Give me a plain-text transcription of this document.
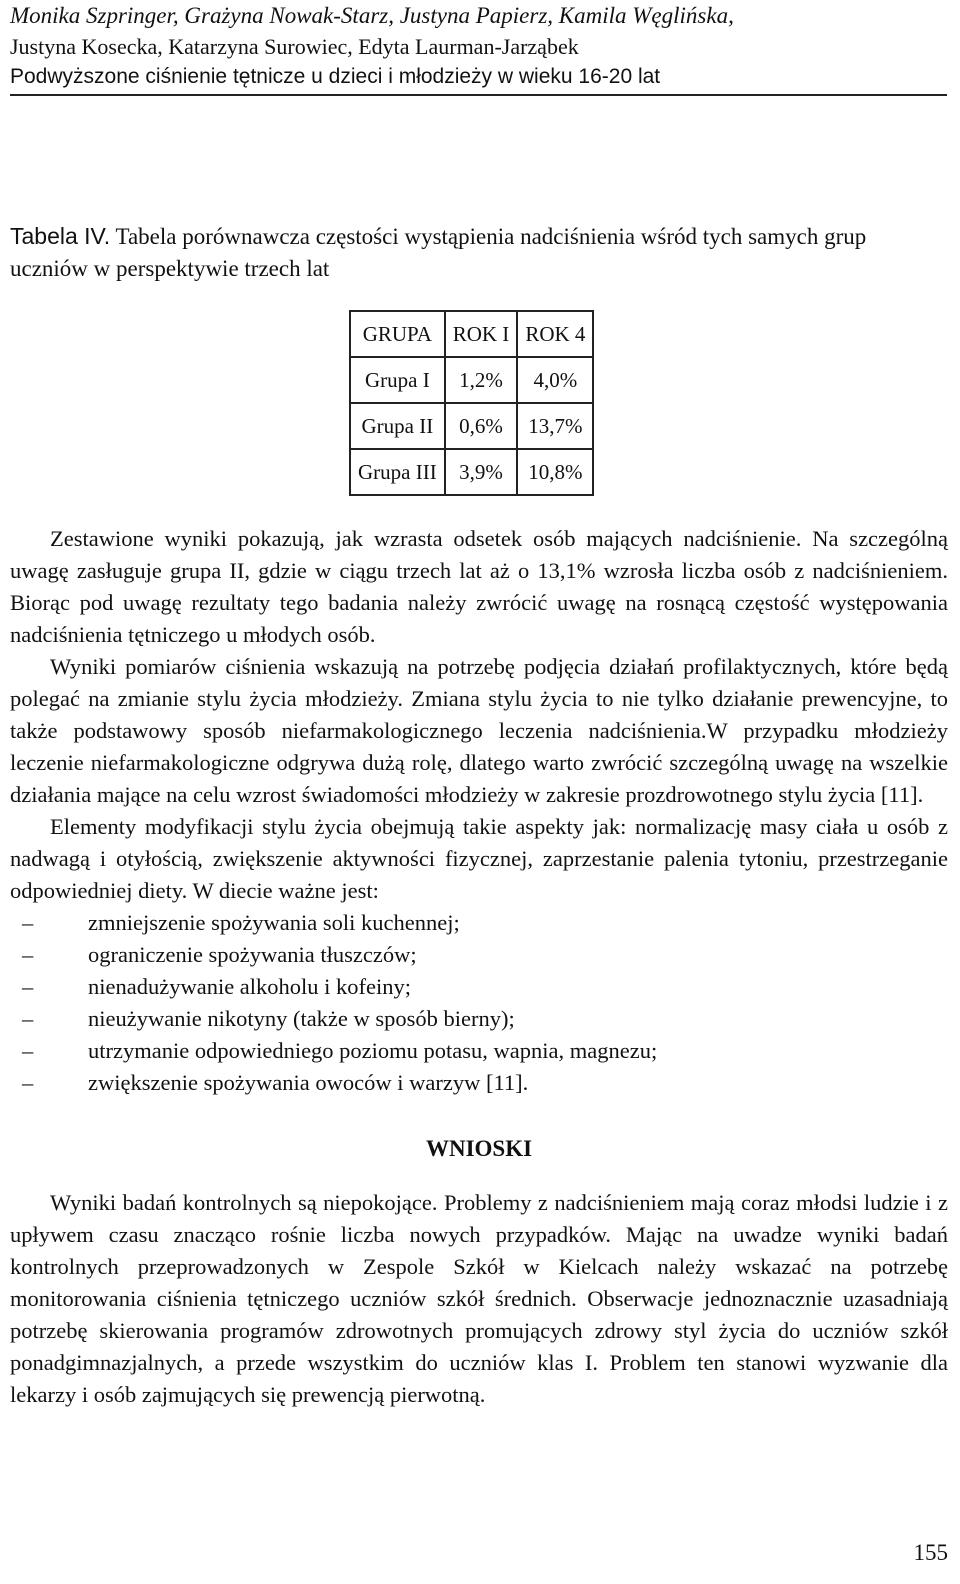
Monika Szpringer, Grażyna Nowak-Starz, Justyna Papierz, Kamila Węglińska,

Justyna Kosecka, Katarzyna Surowiec, Edyta Laurman-Jarząbek

Podwyższone ciśnienie tętnicze u dzieci i młodzieży w wieku 16-20 lat

Tabela IV. Tabela porównawcza częstości wystąpienia nadciśnienia wśród tych samych grup uczniów w perspektywie trzech lat

GRUPA	ROK I	ROK 4
Grupa I	1,2%	4,0%
Grupa II	0,6%	13,7%
Grupa III	3,9%	10,8%

Zestawione wyniki pokazują, jak wzrasta odsetek osób mających nadciśnienie. Na szczególną uwagę zasługuje grupa II, gdzie w ciągu trzech lat aż o 13,1% wzrosła liczba osób z nadciśnieniem. Biorąc pod uwagę rezultaty tego badania należy zwrócić uwagę na rosnącą częstość występowania nadciśnienia tętniczego u młodych osób.

Wyniki pomiarów ciśnienia wskazują na potrzebę podjęcia działań profilaktycznych, które będą polegać na zmianie stylu życia młodzieży. Zmiana stylu życia to nie tylko działanie prewencyjne, to także podstawowy sposób niefarmakologicznego leczenia nadciśnienia.W przypadku młodzieży leczenie niefarmakologiczne odgrywa dużą rolę, dlatego warto zwrócić szczególną uwagę na wszelkie działania mające na celu wzrost świadomości młodzieży w zakresie prozdrowotnego stylu życia [11].

Elementy modyfikacji stylu życia obejmują takie aspekty jak: normalizację masy ciała u osób z nadwagą i otyłością, zwiększenie aktywności fizycznej, zaprzestanie palenia tytoniu, przestrzeganie odpowiedniej diety. W diecie ważne jest:

– zmniejszenie spożywania soli kuchennej;
– ograniczenie spożywania tłuszczów;
– nienadużywanie alkoholu i kofeiny;
– nieużywanie nikotyny (także w sposób bierny);
– utrzymanie odpowiedniego poziomu potasu, wapnia, magnezu;
– zwiększenie spożywania owoców i warzyw [11].
WNIOSKI

Wyniki badań kontrolnych są niepokojące. Problemy z nadciśnieniem mają coraz młodsi ludzie i z upływem czasu znacząco rośnie liczba nowych przypadków. Mając na uwadze wyniki badań kontrolnych przeprowadzonych w Zespole Szkół w Kielcach należy wskazać na potrzebę monitorowania ciśnienia tętniczego uczniów szkół średnich. Obserwacje jednoznacznie uzasadniają potrzebę skierowania programów zdrowotnych promujących zdrowy styl życia do uczniów szkół ponadgimnazjalnych, a przede wszystkim do uczniów klas I. Problem ten stanowi wyzwanie dla lekarzy i osób zajmujących się prewencją pierwotną.

155
